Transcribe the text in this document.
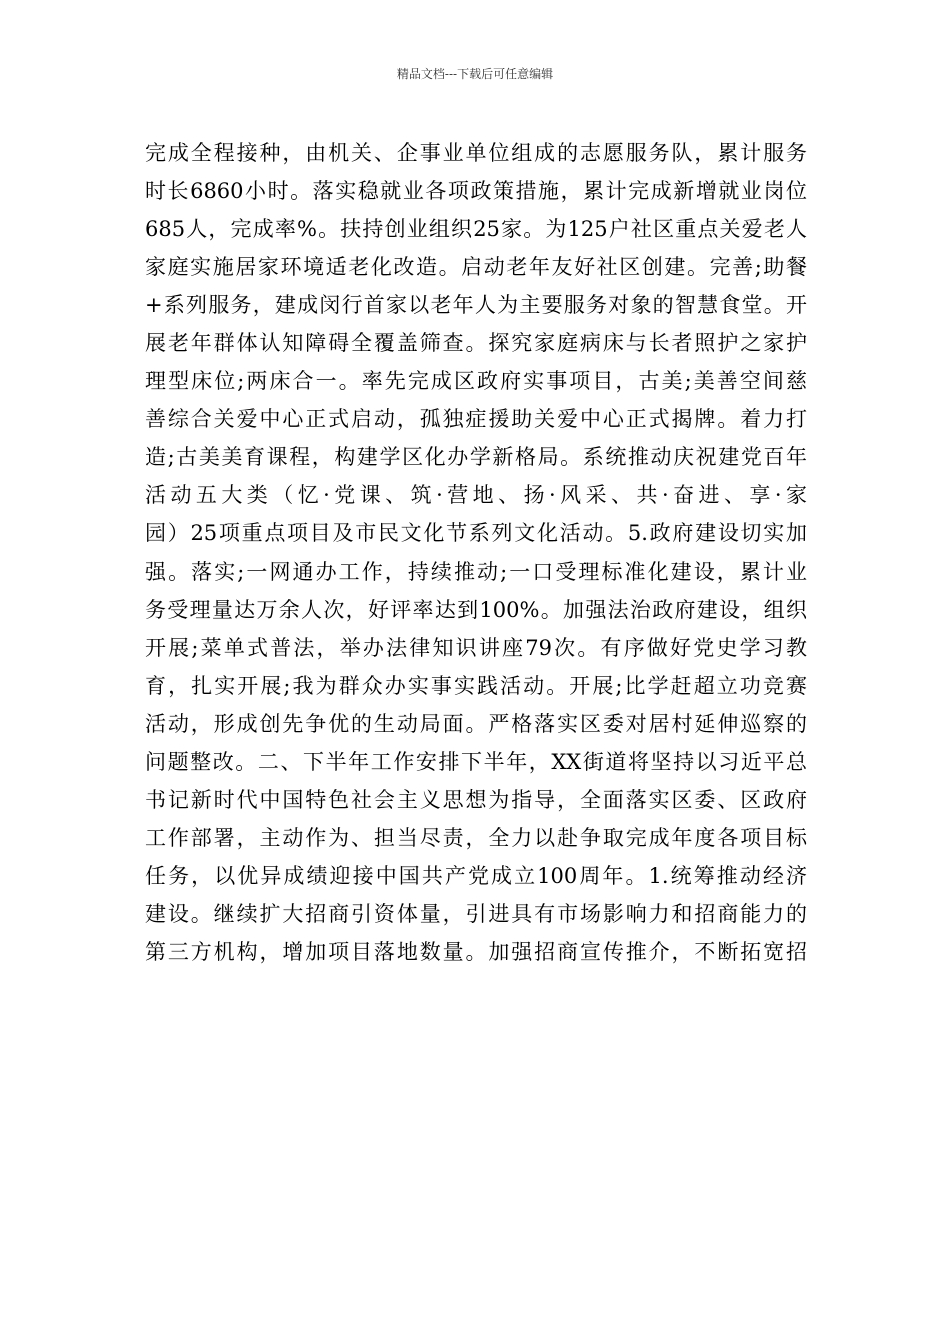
精品文档---下载后可任意编辑
完成全程接种，由机关、企事业单位组成的志愿服务队，累计服务
时长6860小时。落实稳就业各项政策措施，累计完成新增就业岗位
685人，完成率%。扶持创业组织25家。为125户社区重点关爱老人
家庭实施居家环境适老化改造。启动老年友好社区创建。完善;助餐
+系列服务，建成闵行首家以老年人为主要服务对象的智慧食堂。开
展老年群体认知障碍全覆盖筛查。探究家庭病床与长者照护之家护
理型床位;两床合一。率先完成区政府实事项目，古美;美善空间慈
善综合关爱中心正式启动，孤独症援助关爱中心正式揭牌。着力打
造;古美美育课程，构建学区化办学新格局。系统推动庆祝建党百年
活动五大类（忆·党课、筑·营地、扬·风采、共·奋进、享·家
园）25项重点项目及市民文化节系列文化活动。5.政府建设切实加
强。落实;一网通办工作，持续推动;一口受理标准化建设，累计业
务受理量达万余人次，好评率达到100%。加强法治政府建设，组织
开展;菜单式普法，举办法律知识讲座79次。有序做好党史学习教
育，扎实开展;我为群众办实事实践活动。开展;比学赶超立功竞赛
活动，形成创先争优的生动局面。严格落实区委对居村延伸巡察的
问题整改。二、下半年工作安排下半年，XX街道将坚持以习近平总
书记新时代中国特色社会主义思想为指导，全面落实区委、区政府
工作部署，主动作为、担当尽责，全力以赴争取完成年度各项目标
任务，以优异成绩迎接中国共产党成立100周年。1.统筹推动经济
建设。继续扩大招商引资体量，引进具有市场影响力和招商能力的
第三方机构，增加项目落地数量。加强招商宣传推介，不断拓宽招
